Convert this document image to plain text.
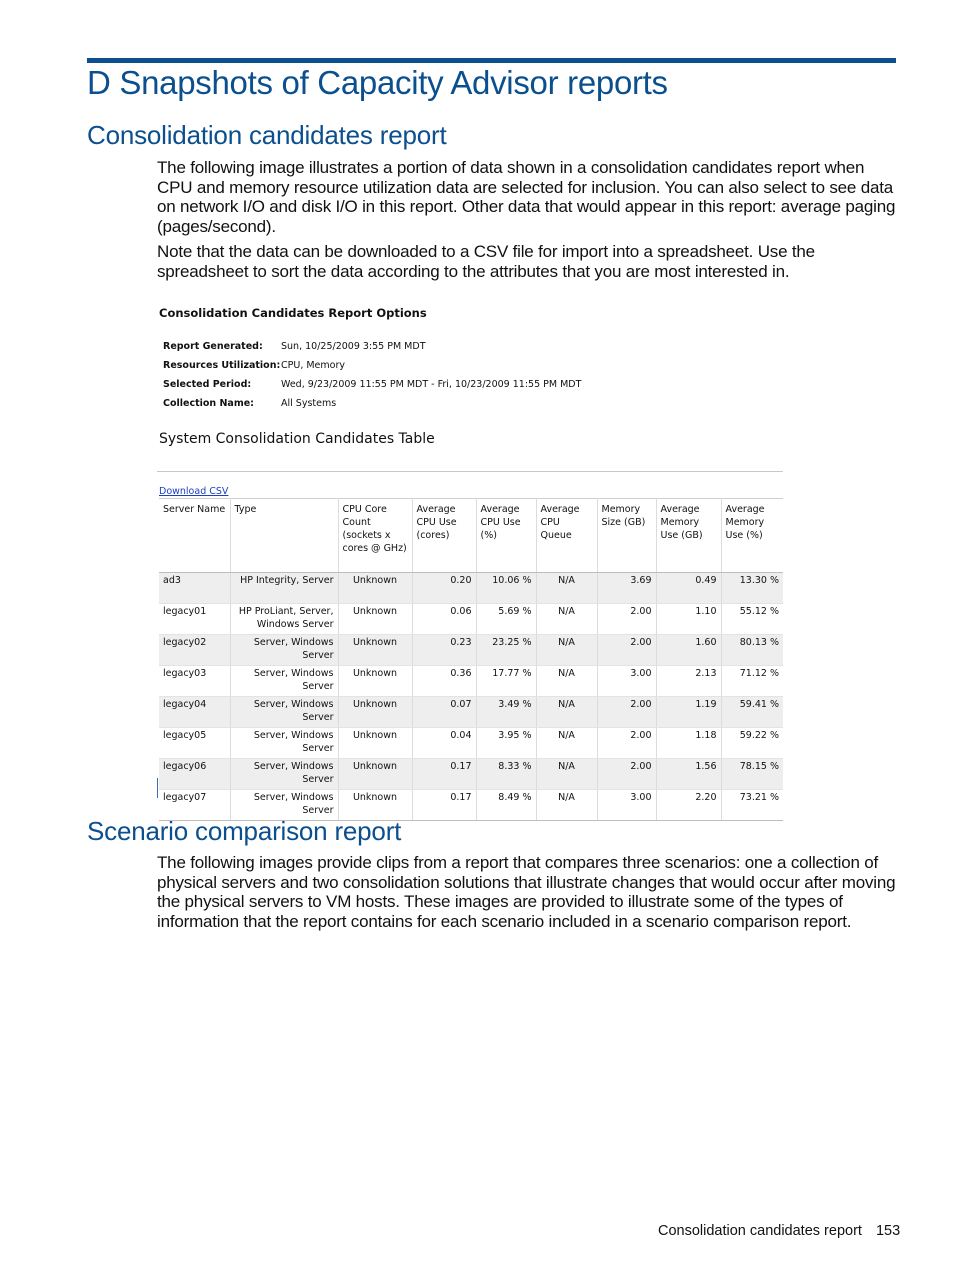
D Snapshots of Capacity Advisor reports
Consolidation candidates report
The following image illustrates a portion of data shown in a consolidation candidates report when CPU and memory resource utilization data are selected for inclusion. You can also select to see data on network I/O and disk I/O in this report. Other data that would appear in this report: average paging (pages/second).
Note that the data can be downloaded to a CSV file for import into a spreadsheet. Use the spreadsheet to sort the data according to the attributes that you are most interested in.
Consolidation Candidates Report Options
Report Generated: Sun, 10/25/2009 3:55 PM MDT
Resources Utilization:CPU, Memory
Selected Period:	Wed, 9/23/2009 11:55 PM MDT - Fri, 10/23/2009 11:55 PM MDT
Collection Name:	All Systems
System Consolidation Candidates Table
Download CSV
Server Name	Type	CPU Core Count (sockets x cores @ GHz)	Average CPU Use (cores)	Average CPU Use (%)	Average CPU Queue	Memory Size (GB)	Average Memory Use (GB)	Average Memory Use (%)
ad3	HP Integrity, Server	Unknown	0.20	10.06 %	N/A	3.69	0.49	13.30 %
legacy01	HP ProLiant, Server, Windows Server	Unknown	0.06	5.69 %	N/A	2.00	1.10	55.12 %
legacy02	Server, Windows Server	Unknown	0.23	23.25 %	N/A	2.00	1.60	80.13 %
legacy03	Server, Windows Server	Unknown	0.36	17.77 %	N/A	3.00	2.13	71.12 %
legacy04	Server, Windows Server	Unknown	0.07	3.49 %	N/A	2.00	1.19	59.41 %
legacy05	Server, Windows Server	Unknown	0.04	3.95 %	N/A	2.00	1.18	59.22 %
legacy06	Server, Windows Server	Unknown	0.17	8.33 %	N/A	2.00	1.56	78.15 %
legacy07	Server, Windows Server	Unknown	0.17	8.49 %	N/A	3.00	2.20	73.21 %
Scenario comparison report
The following images provide clips from a report that compares three scenarios: one a collection of physical servers and two consolidation solutions that illustrate changes that would occur after moving the physical servers to VM hosts. These images are provided to illustrate some of the types of information that the report contains for each scenario included in a scenario comparison report.
Consolidation candidates report 153
